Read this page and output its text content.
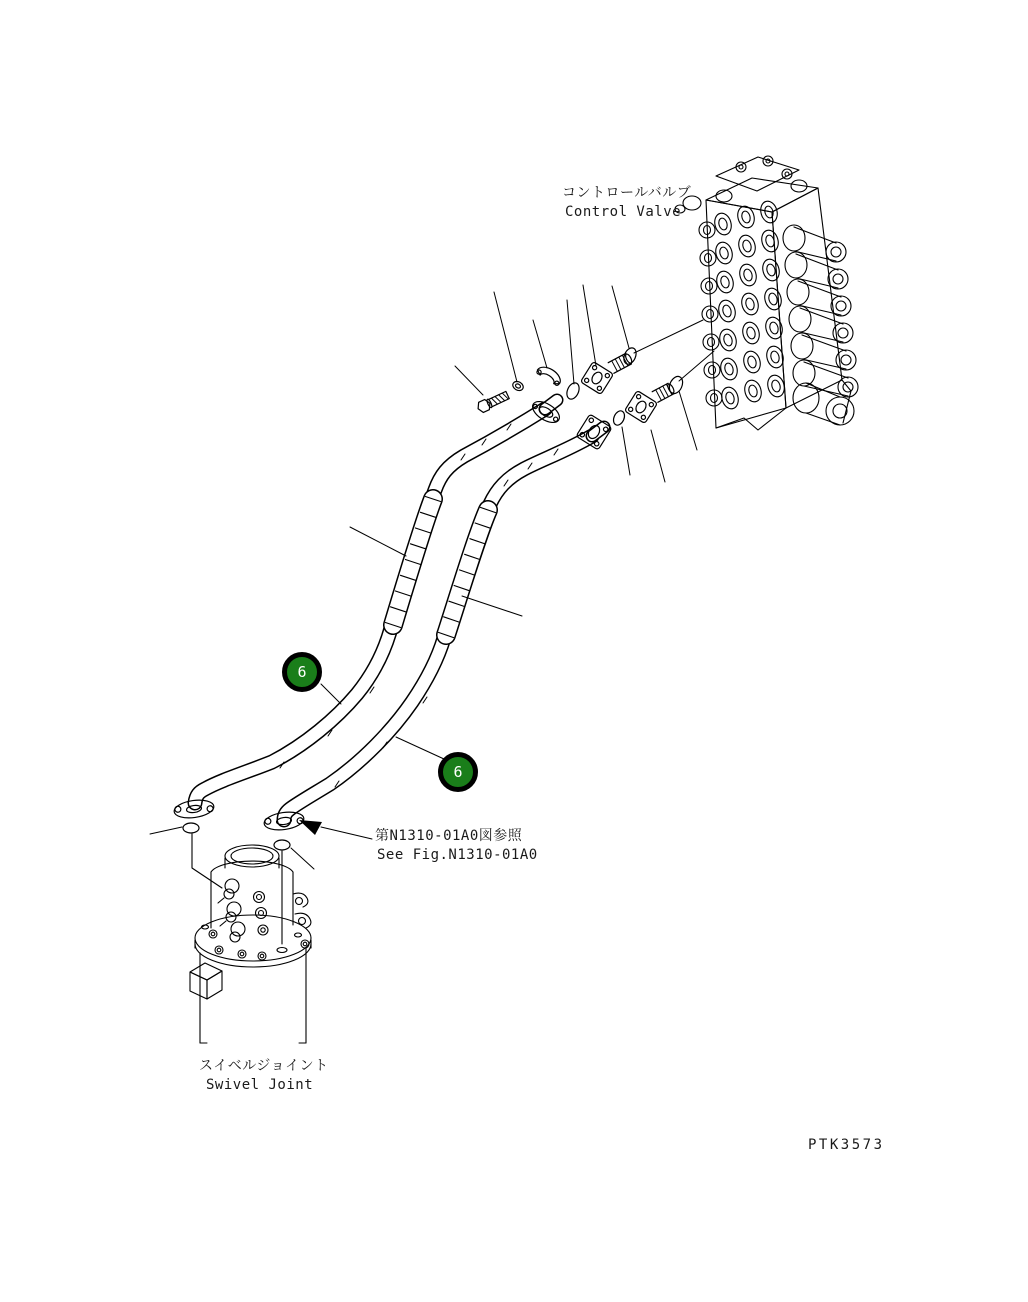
コントロールバルブ
Control Valve
第N1310-01A0図参照
See Fig.N1310-01A0
スイベルジョイント
Swivel Joint
PTK3573
6
6
